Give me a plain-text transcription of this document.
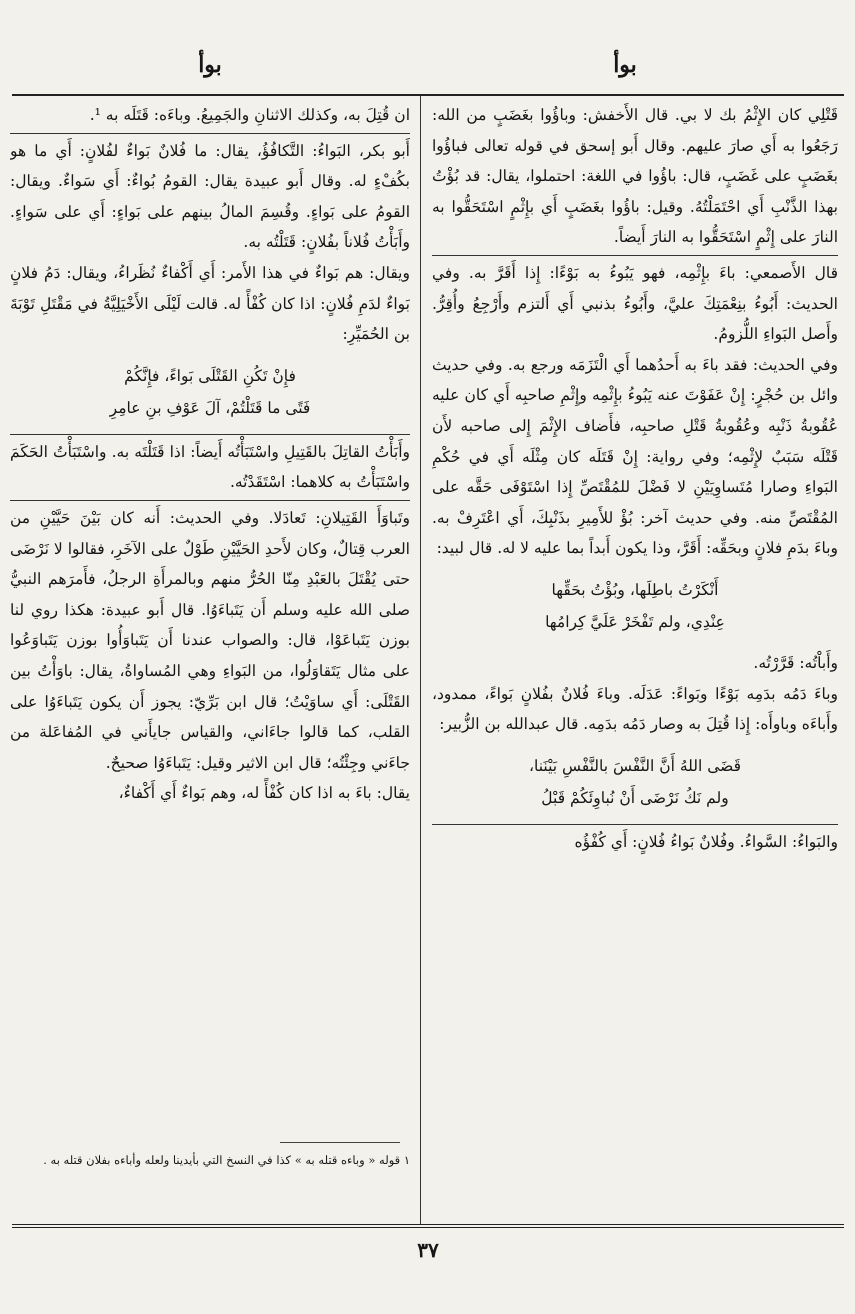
بوأ
بوأ

قَتْلِي كان الإِثْمُ بك لا بي. قال الأَخفش: وباؤُوا بغَضَبٍ من الله: رَجَعُوا به أَي صارَ عليهم. وقال أَبو إسحق في قوله تعالى فباؤُوا بغَضَبٍ على غَضَبٍ، قال: باؤُوا في اللغة: احتملوا، يقال: قد بُؤْتُ بهذا الذَّنْبِ أَي احْتَمَلْتُهُ. وقيل: باؤُوا بغَضَبٍ أَي بإِثْمٍ اسْتَحَقُّوا به النارَ على إِثْمٍ اسْتَحَقُّوا به النارَ أَيضاً.

قال الأَصمعي: باءَ بإِثْمِه، فهو يَبُوءُ به بَوْءًا: إِذا أَقَرَّ به. وفي الحديث: أَبُوءُ بنِعْمَتِكَ عليَّ، وأَبُوءُ بذنبي أَي أَلتزم وأَرْجِعُ وأُقِرُّ. وأَصل البَواءِ اللُّزومُ.

وفي الحديث: فقد باءَ به أَحدُهما أَي الْتَزَمَه ورجع به. وفي حديث وائل بن حُجْرٍ: إِنْ عَفَوْتَ عنه يَبُوءُ بإِثْمِه وإِثْمِ صاحبِه أَي كان عليه عُقُوبةُ ذَنْبِه وعُقُوبةُ قَتْلِ صاحبِه، فأَضاف الإِثْمَ إِلى صاحبه لأَن قَتْلَه سَبَبٌ لإِثْمِه؛ وفي رواية: إِنْ قَتَلَه كان مِثْلَه أَي في حُكْمِ البَواءِ وصارا مُتَساوِيَيْنِ لا فَضْلَ للمُقْتَصِّ إِذا اسْتَوْفَى حَقَّه على المُقْتَصِّ منه. وفي حديث آخر: بُؤْ للأَمِيرِ بذَنْبِكَ، أَي اعْتَرِفْ به. وباءَ بدَمِ فلانٍ وبحَقِّه: أَقَرَّ، وذا يكون أَبداً بما عليه لا له. قال لبيد:

أَنْكَرْتُ باطِلَها، وبُؤْتُ بحَقِّها
عِنْدِي، ولم تَفْخَرْ عَلَيَّ كِرامُها

وأَباْتُه: قَرَّرْتُه.

وباءَ دَمُه بدَمِه بَوْءًا وبَواءً: عَدَلَه. وباءَ فُلانٌ بفُلانٍ بَواءً، ممدود، وأَباءَه وباوأَه: إِذا قُتِلَ به وصار دَمُه بدَمِه. قال عبدالله بن الزُّبير:

قَضَى اللهُ أَنَّ النَّفْسَ بالنَّفْسِ بَيْنَنا،
ولم نَكُ نَرْضَى أَنْ نُباوِئَكُمْ قَبْلُ

والبَواءُ: السَّواءُ. وفُلانٌ بَواءُ فُلانٍ: أَي كُفْؤُه

ان قُتِلَ به، وكذلك الاثنانِ والجَمِيعُ. وباءَه: قَتَلَه به ¹.

أَبو بكر، البَواءُ: التَّكافُؤُ، يقال: ما فُلانٌ بَواءٌ لفُلانٍ: أَي ما هو بكُفْءٍ له. وقال أَبو عبيدة يقال: القومُ بُواءٌ: أَي سَواءٌ. ويقال: القومُ على بَواءٍ. وقُسِمَ المالُ بينهم على بَواءٍ: أَي على سَواءٍ. وأَبَأْتُ فُلاناً بفُلانٍ: قَتَلْتُه به.

ويقال: هم بَواءٌ في هذا الأَمر: أَي أَكْفاءٌ نُظَراءُ، ويقال: دَمُ فلانٍ بَواءٌ لدَمِ فُلانٍ: اذا كان كُفْأً له. قالت لَيْلَى الأَخْيَلِيَّةُ في مَقْتَلِ تَوْبَةَ بن الحُمَيِّرِ:

فإِنْ تَكُنِ القَتْلَى بَواءً، فإِنَّكُمْ
فَتًى ما قَتَلْتُمْ، آلَ عَوْفِ بنِ عامِرِ

وأَبَأْتُ القاتِلَ بالقَتِيلِ واسْتَبَأْتُه أَيضاً: اذا قَتَلْتَه به. واسْتَبَأْتُ الحَكَمَ واسْتَبَأْتُ به كلاهما: اسْتَقَدْتُه.

وتَباوَأَ القَتِيلانِ: تَعادَلا. وفي الحديث: أَنه كان بَيْنَ حَيَّيْنِ من العرب قِتالٌ، وكان لأَحدِ الحَيَّيْنِ طَوْلٌ على الآخَرِ، فقالوا لا نَرْضَى حتى يُقْتَلَ بالعَبْدِ مِنّا الحُرُّ منهم وبالمرأَةِ الرجلُ، فأَمرَهم النبيُّ صلى الله عليه وسلم أَن يَتَباءَوُا. قال أَبو عبيدة: هكذا روي لنا بوزن يَتَباعَوْا، قال: والصواب عندنا أَن يَتَباوَأُوا بوزن يَتَباوَعُوا على مثال يَتَقاوَلُوا، من البَواءِ وهي المُساواةُ، يقال: باوَأْتُ بين القَتْلَى: أَي ساوَيْتُ؛ قال ابن بَرِّيّ: يجوز أَن يكون يَتَباءَوُا على القلب، كما قالوا جاءَاني، والقياس جايأَني في المُفاعَلة من جاءَني وجِئْتُه؛ قال ابن الاثير وقيل: يَتَباءَوُا صحيحٌ.

يقال: باءَ به اذا كان كُفْأً له، وهم بَواءٌ أَي أَكْفاءٌ،

١ قوله « وباءه قتله به » كذا في النسخ التي بأيدينا ولعله وأباءه بفلان قتله به .
٣٧
